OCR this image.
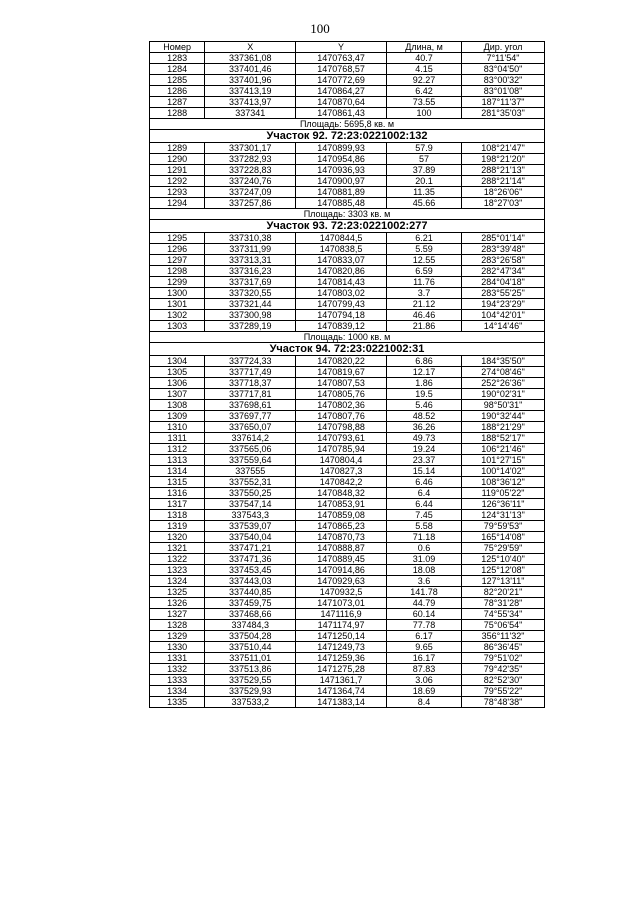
100
Номер	X	Y	Длина, м	Дир. угол
1283	337361,08	1470763,47	40.7	7°11'54"
1284	337401,46	1470768,57	4.15	83°04'50"
1285	337401,96	1470772,69	92.27	83°00'32"
1286	337413,19	1470864,27	6.42	83°01'08"
1287	337413,97	1470870,64	73.55	187°11'37"
1288	337341	1470861,43	100	281°35'03"
Площадь: 5695,8 кв. м				
Участок 92. 72:23:0221002:132				
1289	337301,17	1470899,93	57.9	108°21'47"
1290	337282,93	1470954,86	57	198°21'20"
1291	337228,83	1470936,93	37.89	288°21'13"
1292	337240,76	1470900,97	20.1	288°21'14"
1293	337247,09	1470881,89	11.35	18°26'06"
1294	337257,86	1470885,48	45.66	18°27'03"
Площадь: 3303 кв. м				
Участок 93. 72:23:0221002:277				
1295	337310,38	1470844,5	6.21	285°01'14"
1296	337311,99	1470838,5	5.59	283°39'48"
1297	337313,31	1470833,07	12.55	283°26'58"
1298	337316,23	1470820,86	6.59	282°47'34"
1299	337317,69	1470814,43	11.76	284°04'18"
1300	337320,55	1470803,02	3.7	283°55'25"
1301	337321,44	1470799,43	21.12	194°23'29"
1302	337300,98	1470794,18	46.46	104°42'01"
1303	337289,19	1470839,12	21.86	14°14'46"
Площадь: 1000 кв. м				
Участок 94. 72:23:0221002:31				
1304	337724,33	1470820,22	6.86	184°35'50"
1305	337717,49	1470819,67	12.17	274°08'46"
1306	337718,37	1470807,53	1.86	252°26'36"
1307	337717,81	1470805,76	19.5	190°02'31"
1308	337698,61	1470802,36	5.46	98°50'31"
1309	337697,77	1470807,76	48.52	190°32'44"
1310	337650,07	1470798,88	36.26	188°21'29"
1311	337614,2	1470793,61	49.73	188°52'17"
1312	337565,06	1470785,94	19.24	106°21'46"
1313	337559,64	1470804,4	23.37	101°27'15"
1314	337555	1470827,3	15.14	100°14'02"
1315	337552,31	1470842,2	6.46	108°36'12"
1316	337550,25	1470848,32	6.4	119°05'22"
1317	337547,14	1470853,91	6.44	126°36'11"
1318	337543,3	1470859,08	7.45	124°31'13"
1319	337539,07	1470865,23	5.58	79°59'53"
1320	337540,04	1470870,73	71.18	165°14'08"
1321	337471,21	1470888,87	0.6	75°29'59"
1322	337471,36	1470889,45	31.09	125°10'40"
1323	337453,45	1470914,86	18.08	125°12'08"
1324	337443,03	1470929,63	3.6	127°13'11"
1325	337440,85	1470932,5	141.78	82°20'21"
1326	337459,75	1471073,01	44.79	78°31'28"
1327	337468,66	1471116,9	60.14	74°55'34"
1328	337484,3	1471174,97	77.78	75°06'54"
1329	337504,28	1471250,14	6.17	356°11'32"
1330	337510,44	1471249,73	9.65	86°36'45"
1331	337511,01	1471259,36	16.17	79°51'02"
1332	337513,86	1471275,28	87.83	79°42'35"
1333	337529,55	1471361,7	3.06	82°52'30"
1334	337529,93	1471364,74	18.69	79°55'22"
1335	337533,2	1471383,14	8.4	78°48'38"
